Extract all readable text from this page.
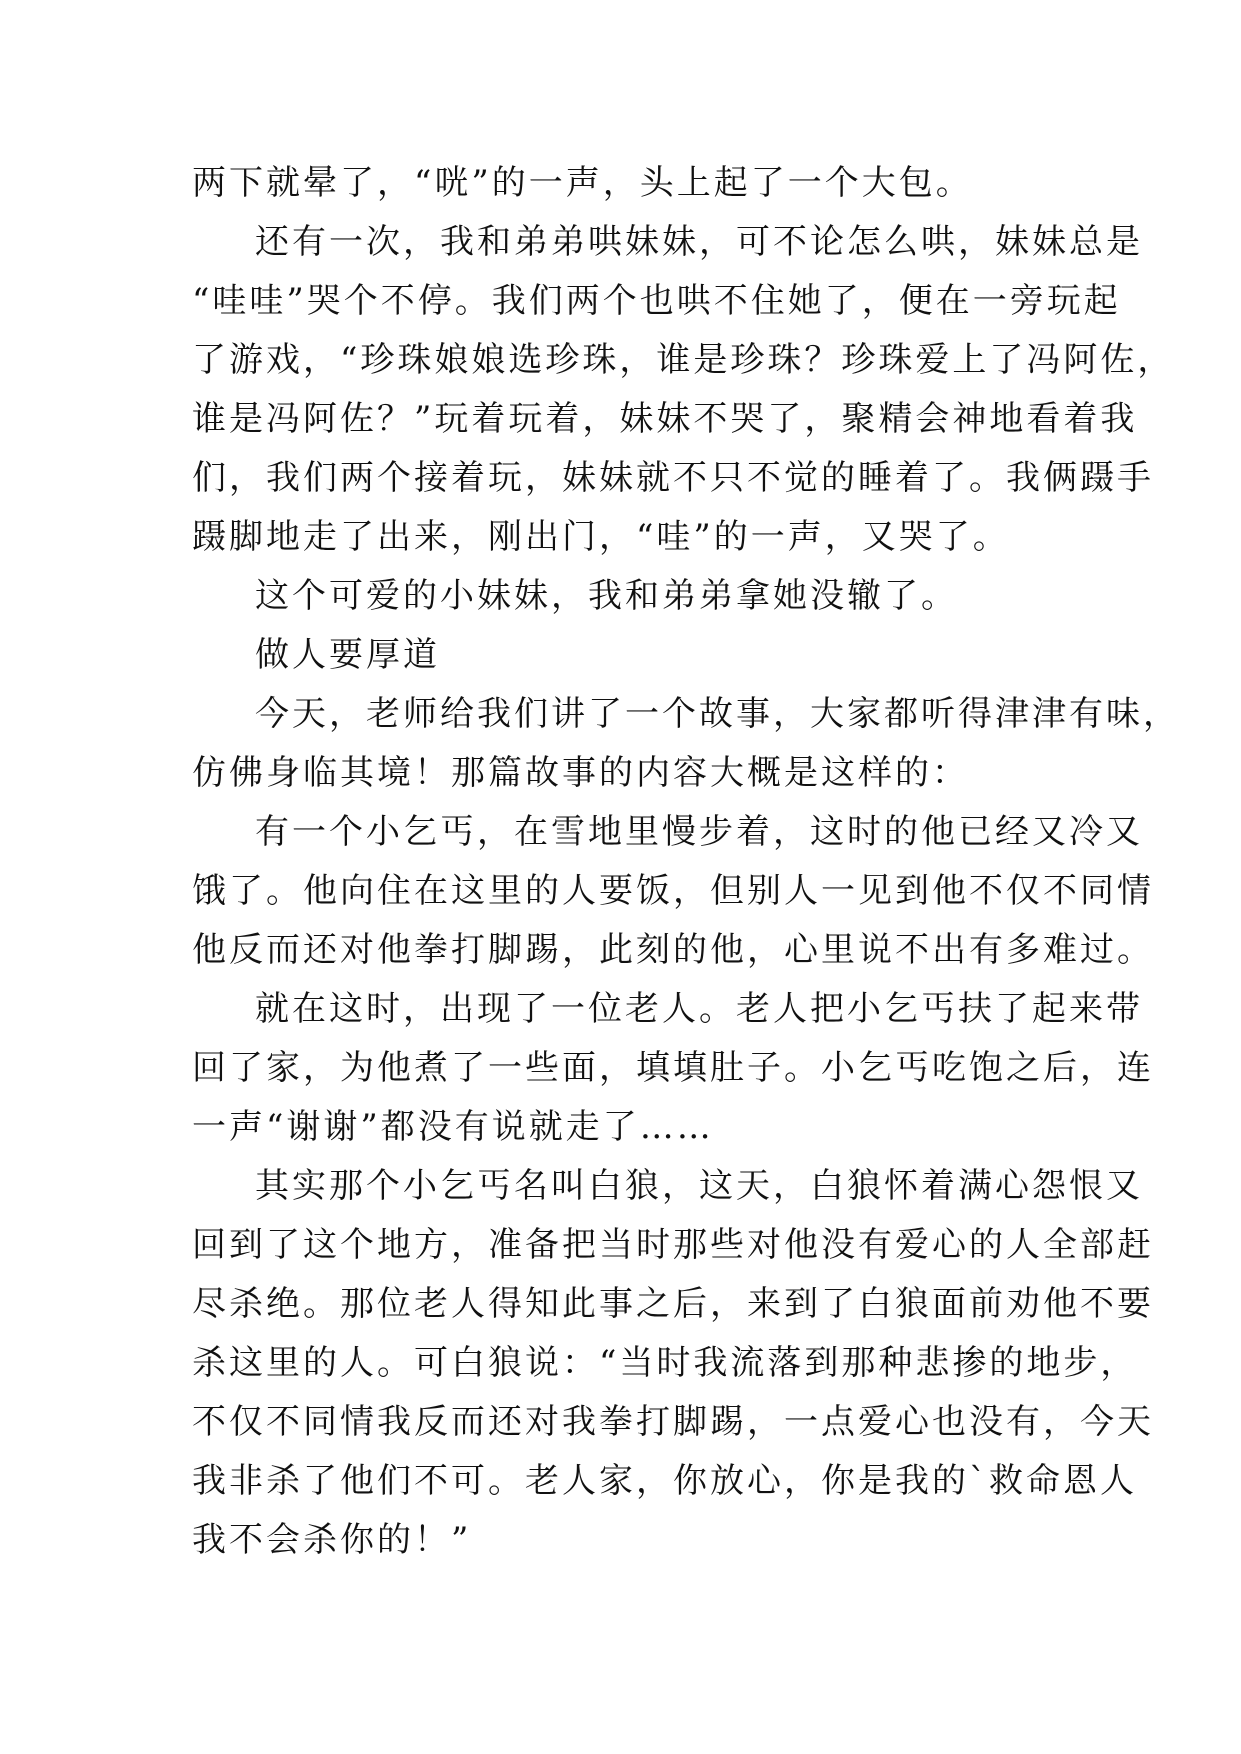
两下就晕了，“咣”的一声，头上起了一个大包。
还有一次，我和弟弟哄妹妹，可不论怎么哄，妹妹总是
“哇哇”哭个不停。我们两个也哄不住她了，便在一旁玩起
了游戏，“珍珠娘娘选珍珠，谁是珍珠？珍珠爱上了冯阿佐，
谁是冯阿佐？”玩着玩着，妹妹不哭了，聚精会神地看着我
们，我们两个接着玩，妹妹就不只不觉的睡着了。我俩蹑手
蹑脚地走了出来，刚出门，“哇”的一声，又哭了。
这个可爱的小妹妹，我和弟弟拿她没辙了。
做人要厚道
今天，老师给我们讲了一个故事，大家都听得津津有味，
仿佛身临其境！那篇故事的内容大概是这样的：
有一个小乞丐，在雪地里慢步着，这时的他已经又冷又
饿了。他向住在这里的人要饭，但别人一见到他不仅不同情
他反而还对他拳打脚踢，此刻的他，心里说不出有多难过。
就在这时，出现了一位老人。老人把小乞丐扶了起来带
回了家，为他煮了一些面，填填肚子。小乞丐吃饱之后，连
一声“谢谢”都没有说就走了……
其实那个小乞丐名叫白狼，这天，白狼怀着满心怨恨又
回到了这个地方，准备把当时那些对他没有爱心的人全部赶
尽杀绝。那位老人得知此事之后，来到了白狼面前劝他不要
杀这里的人。可白狼说：“当时我流落到那种悲掺的地步，
不仅不同情我反而还对我拳打脚踢，一点爱心也没有，今天
我非杀了他们不可。老人家，你放心，你是我的`救命恩人
我不会杀你的！”
